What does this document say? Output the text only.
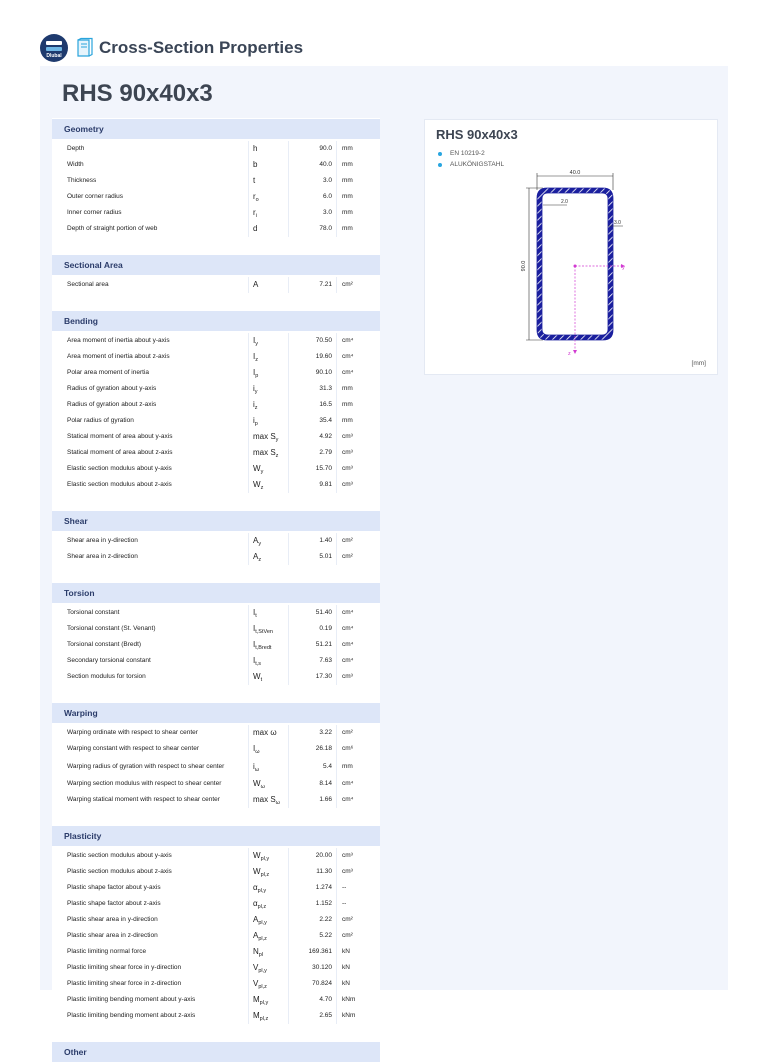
Dlubal Cross-Section Properties
RHS 90x40x3
Geometry
Depth	h	90.0 mm
Width	b	40.0 mm
Thickness	t	3.0 mm
Outer corner radius	$r_o$	6.0 mm
Inner corner radius	$r_i$	3.0 mm
Depth of straight portion of web	d	78.0 mm
Sectional Area
Sectional area	A	7.21 cm²
Bending
Area moment of inertia about y-axis	$I_y$	70.50 cm⁴
Area moment of inertia about z-axis	$I_z$	19.60 cm⁴
Polar area moment of inertia	$I_p$	90.10 cm⁴
Radius of gyration about y-axis	$i_y$	31.3 mm
Radius of gyration about z-axis	$i_z$	16.5 mm
Polar radius of gyration	$i_p$	35.4 mm
Statical moment of area about y-axis	$\max S_y$	4.92 cm³
Statical moment of area about z-axis	$\max S_z$	2.79 cm³
Elastic section modulus about y-axis	$W_y$	15.70 cm³
Elastic section modulus about z-axis	$W_z$	9.81 cm³
Shear
Shear area in y-direction	$A_y$	1.40 cm²
Shear area in z-direction	$A_z$	5.01 cm²
Torsion
Torsional constant	$I_t$	51.40 cm⁴
Torsional constant (St. Venant)	$I_{t,StVen}$	0.19 cm⁴
Torsional constant (Bredt)	$I_{t,Bredt}$	51.21 cm⁴
Secondary torsional constant	$I_{t,s}$	7.63 cm⁴
Section modulus for torsion	$W_t$	17.30 cm³
Warping
Warping ordinate with respect to shear center	max ω	3.22 cm²
Warping constant with respect to shear center	$I_\omega$	26.18 cm⁶
Warping radius of gyration with respect to shear center	$i_\omega$	5.4 mm
Warping section modulus with respect to shear center	$W_\omega$	8.14 cm⁴
Warping statical moment with respect to shear center	$\max S_\omega$	1.66 cm⁴
Plasticity
Plastic section modulus about y-axis	$W_{pl,y}$	20.00 cm³
Plastic section modulus about z-axis	$W_{pl,z}$	11.30 cm³
Plastic shape factor about y-axis	$\alpha_{pl,y}$	1.274 --
Plastic shape factor about z-axis	$\alpha_{pl,z}$	1.152 --
Plastic shear area in y-direction	$A_{pl,y}$	2.22 cm²
Plastic shear area in z-direction	$A_{pl,z}$	5.22 cm²
Plastic limiting normal force	$N_{pl}$	169.361 kN
Plastic limiting shear force in y-direction	$V_{pl,y}$	30.120 kN
Plastic limiting shear force in z-direction	$V_{pl,z}$	70.824 kN
Plastic limiting bending moment about y-axis	$M_{pl,y}$	4.70 kNm
Plastic limiting bending moment about z-axis	$M_{pl,z}$	2.65 kNm
Other
RHS 90x40x3
EN 10219-2
ALUKÖNIGSTAHL
40.0
90.0
2.0
3.0
y
z
[mm]
